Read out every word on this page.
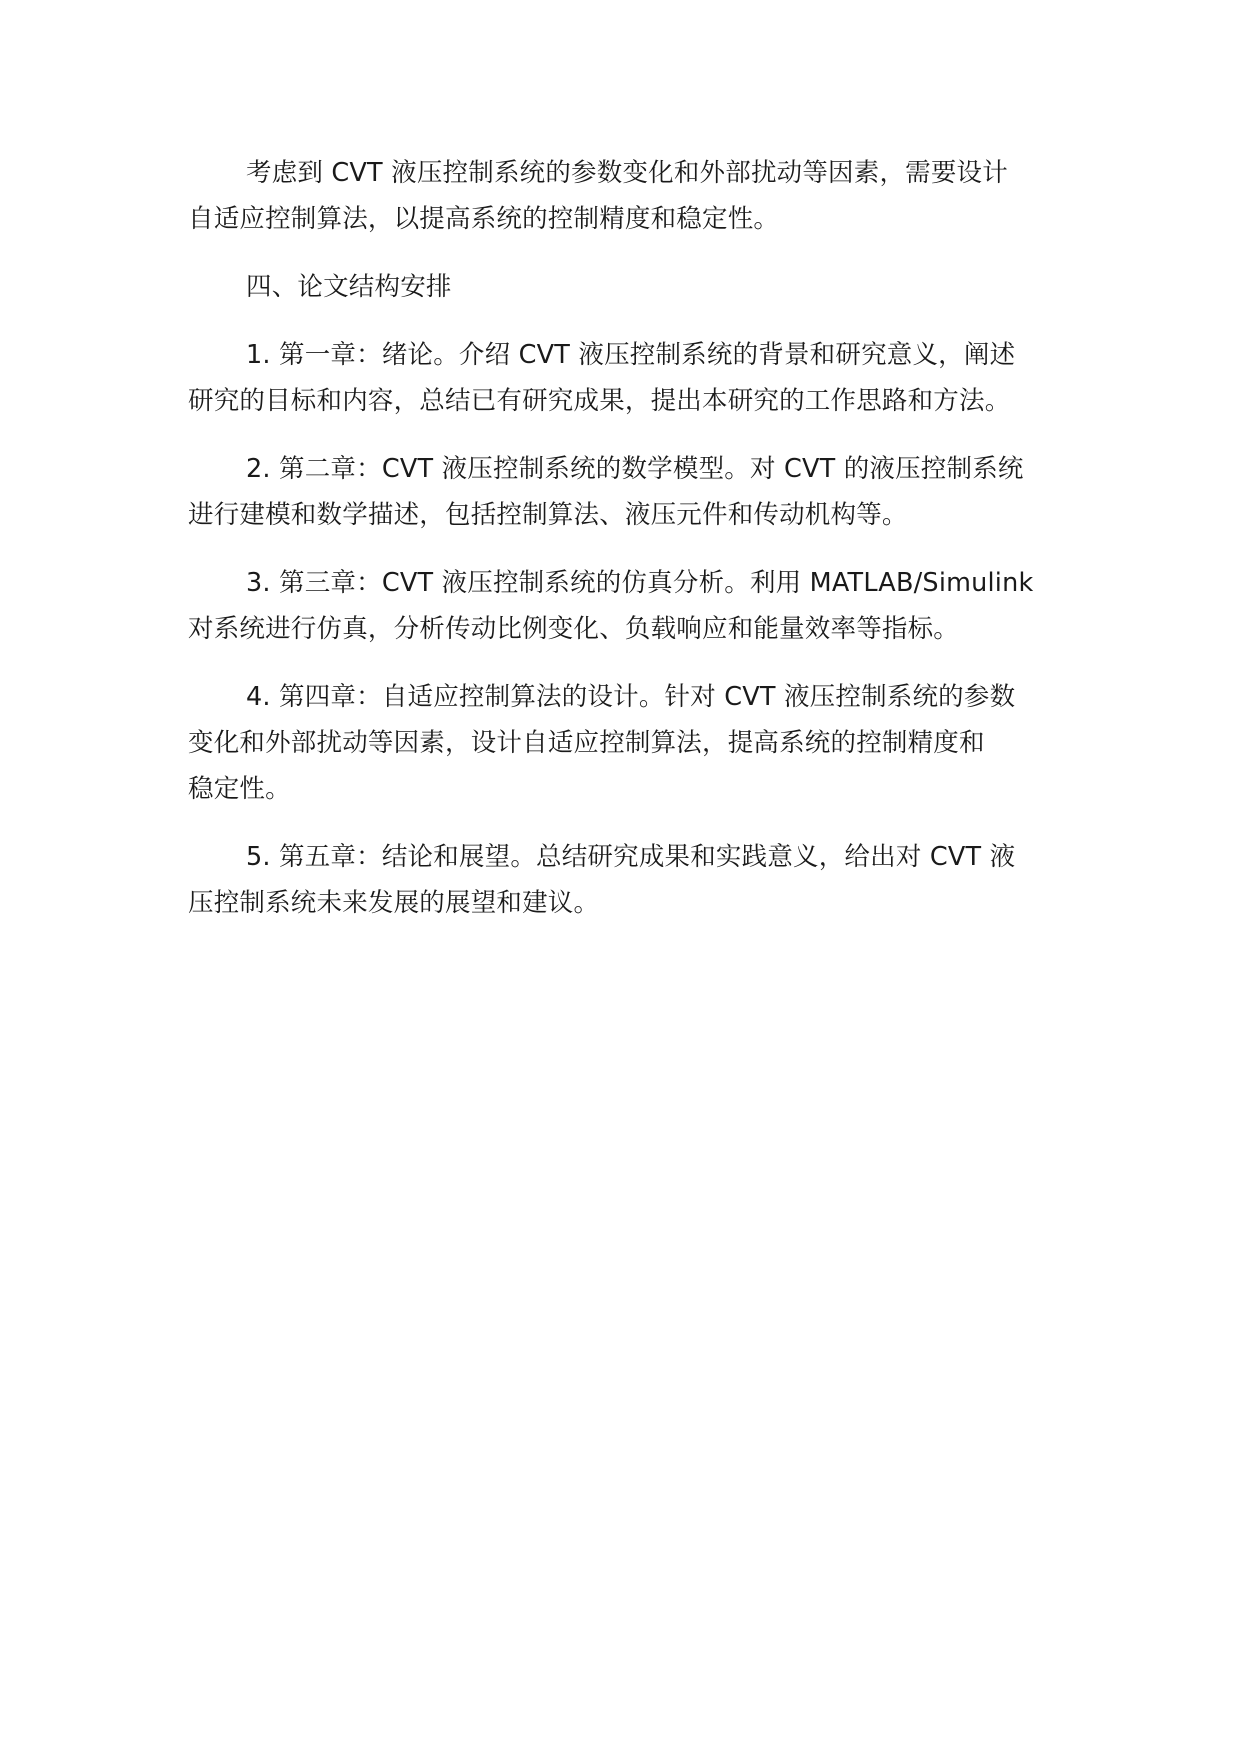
考虑到 CVT 液压控制系统的参数变化和外部扰动等因素，需要设计
自适应控制算法，以提高系统的控制精度和稳定性。

四、论文结构安排

1. 第一章：绪论。介绍 CVT 液压控制系统的背景和研究意义，阐述
研究的目标和内容，总结已有研究成果，提出本研究的工作思路和方法。

2. 第二章：CVT 液压控制系统的数学模型。对 CVT 的液压控制系统
进行建模和数学描述，包括控制算法、液压元件和传动机构等。

3. 第三章：CVT 液压控制系统的仿真分析。利用 MATLAB/Simulink
对系统进行仿真，分析传动比例变化、负载响应和能量效率等指标。

4. 第四章：自适应控制算法的设计。针对 CVT 液压控制系统的参数
变化和外部扰动等因素，设计自适应控制算法，提高系统的控制精度和
稳定性。

5. 第五章：结论和展望。总结研究成果和实践意义，给出对 CVT 液
压控制系统未来发展的展望和建议。
